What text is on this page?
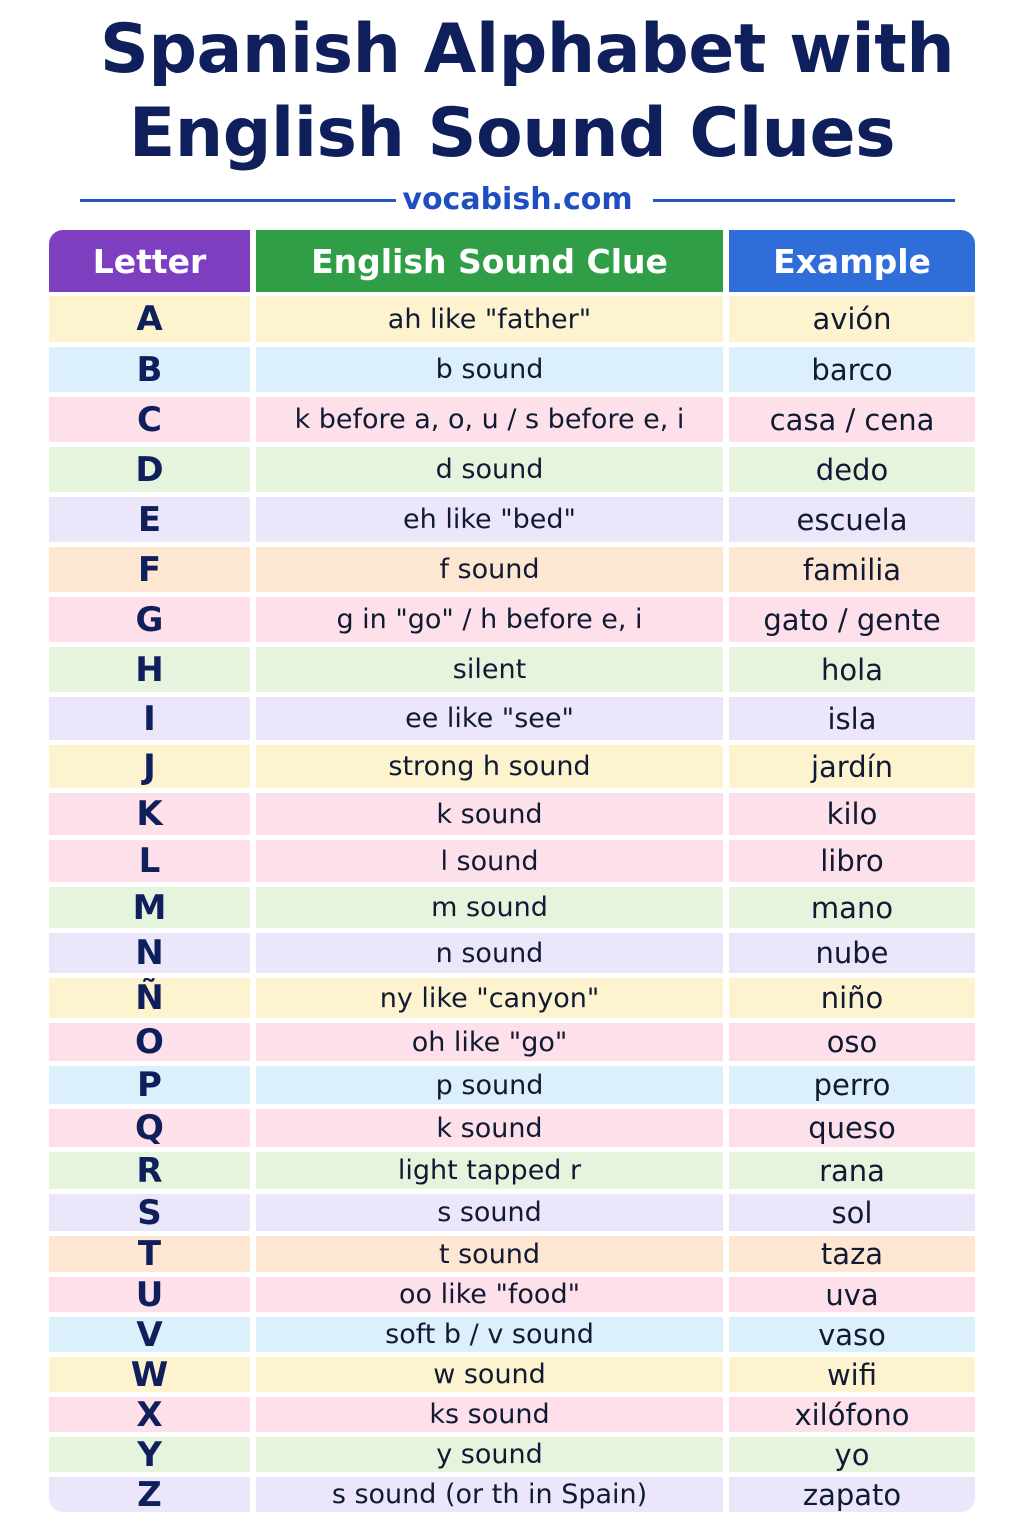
Spanish Alphabet with
English Sound Clues
vocabish.com
Letter	English Sound Clue	Example
A	ah like "father"	avión
B	b sound	barco
C	k before a, o, u / s before e, i	casa / cena
D	d sound	dedo
E	eh like "bed"	escuela
F	f sound	familia
G	g in "go" / h before e, i	gato / gente
H	silent	hola
I	ee like "see"	isla
J	strong h sound	jardín
K	k sound	kilo
L	l sound	libro
M	m sound	mano
N	n sound	nube
Ñ	ny like "canyon"	niño
O	oh like "go"	oso
P	p sound	perro
Q	k sound	queso
R	light tapped r	rana
S	s sound	sol
T	t sound	taza
U	oo like "food"	uva
V	soft b / v sound	vaso
W	w sound	wifi
X	ks sound	xilófono
Y	y sound	yo
Z	s sound (or th in Spain)	zapato
